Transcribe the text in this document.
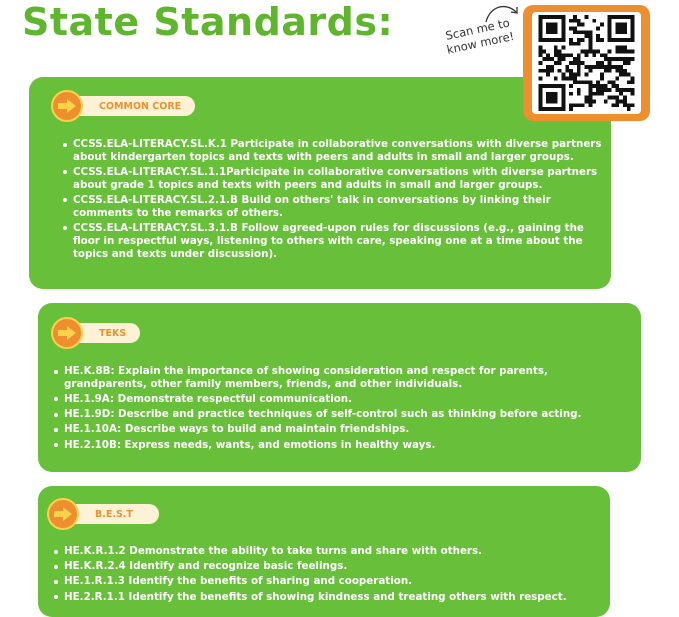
State Standards:	Scan me to know more!
COMMON CORE
CCSS.ELA-LITERACY.SL.K.1 Participate in collaborative conversations with diverse partners about kindergarten topics and texts with peers and adults in small and larger groups.
CCSS.ELA-LITERACY.SL.1.1Participate in collaborative conversations with diverse partners about grade 1 topics and texts with peers and adults in small and larger groups.
CCSS.ELA-LITERACY.SL.2.1.B Build on others' talk in conversations by linking their comments to the remarks of others.
CCSS.ELA-LITERACY.SL.3.1.B Follow agreed-upon rules for discussions (e.g., gaining the floor in respectful ways, listening to others with care, speaking one at a time about the topics and texts under discussion).
TEKS
HE.K.8B: Explain the importance of showing consideration and respect for parents, grandparents, other family members, friends, and other individuals.
HE.1.9A: Demonstrate respectful communication.
HE.1.9D: Describe and practice techniques of self-control such as thinking before acting.
HE.1.10A: Describe ways to build and maintain friendships.
HE.2.10B: Express needs, wants, and emotions in healthy ways.
B.E.S.T
HE.K.R.1.2 Demonstrate the ability to take turns and share with others.
HE.K.R.2.4 Identify and recognize basic feelings.
HE.1.R.1.3 Identify the benefits of sharing and cooperation.
HE.2.R.1.1 Identify the benefits of showing kindness and treating others with respect.
